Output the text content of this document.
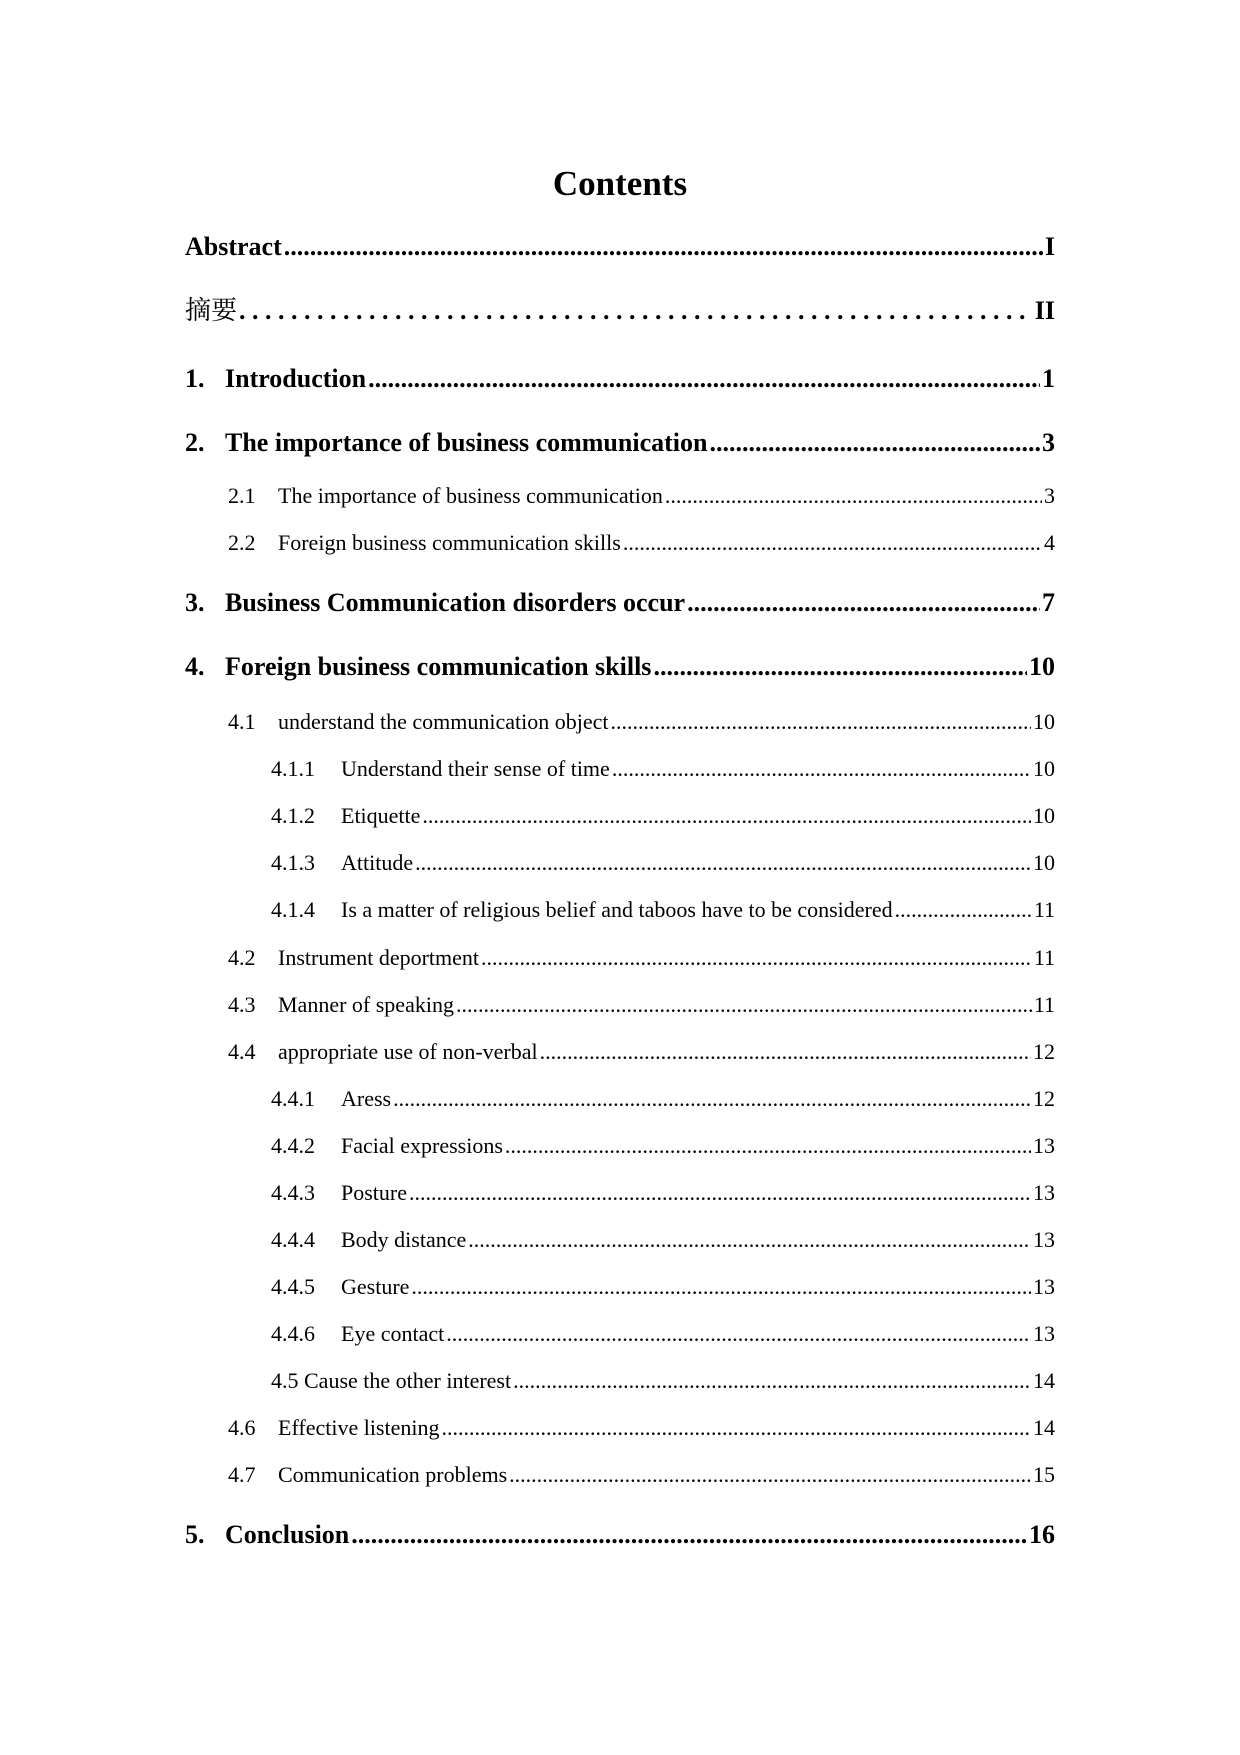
Contents
Abstract .....	I
摘要 . . .	II
1. Introduction .....	1
2. The importance of business communication .....	3
2.1	The importance of business communication .....	3
2.2	Foreign business communication skills .....	4
3. Business Communication disorders occur .....	7
4. Foreign business communication skills .....	10
4.1	understand the communication object .....	10
4.1.1	Understand their sense of time .....	10
4.1.2	Etiquette .....	10
4.1.3	Attitude .....	10
4.1.4	Is a matter of religious belief and taboos have to be considered .....	11
4.2	Instrument deportment .....	11
4.3	Manner of speaking .....	11
4.4	appropriate use of non-verbal .....	12
4.4.1	Aress .....	12
4.4.2	Facial expressions .....	13
4.4.3	Posture .....	13
4.4.4	Body distance .....	13
4.4.5	Gesture .....	13
4.4.6	Eye contact .....	13
4.5 Cause the other interest .....	14
4.6	Effective listening .....	14
4.7	Communication problems .....	15
5. Conclusion .....	16
